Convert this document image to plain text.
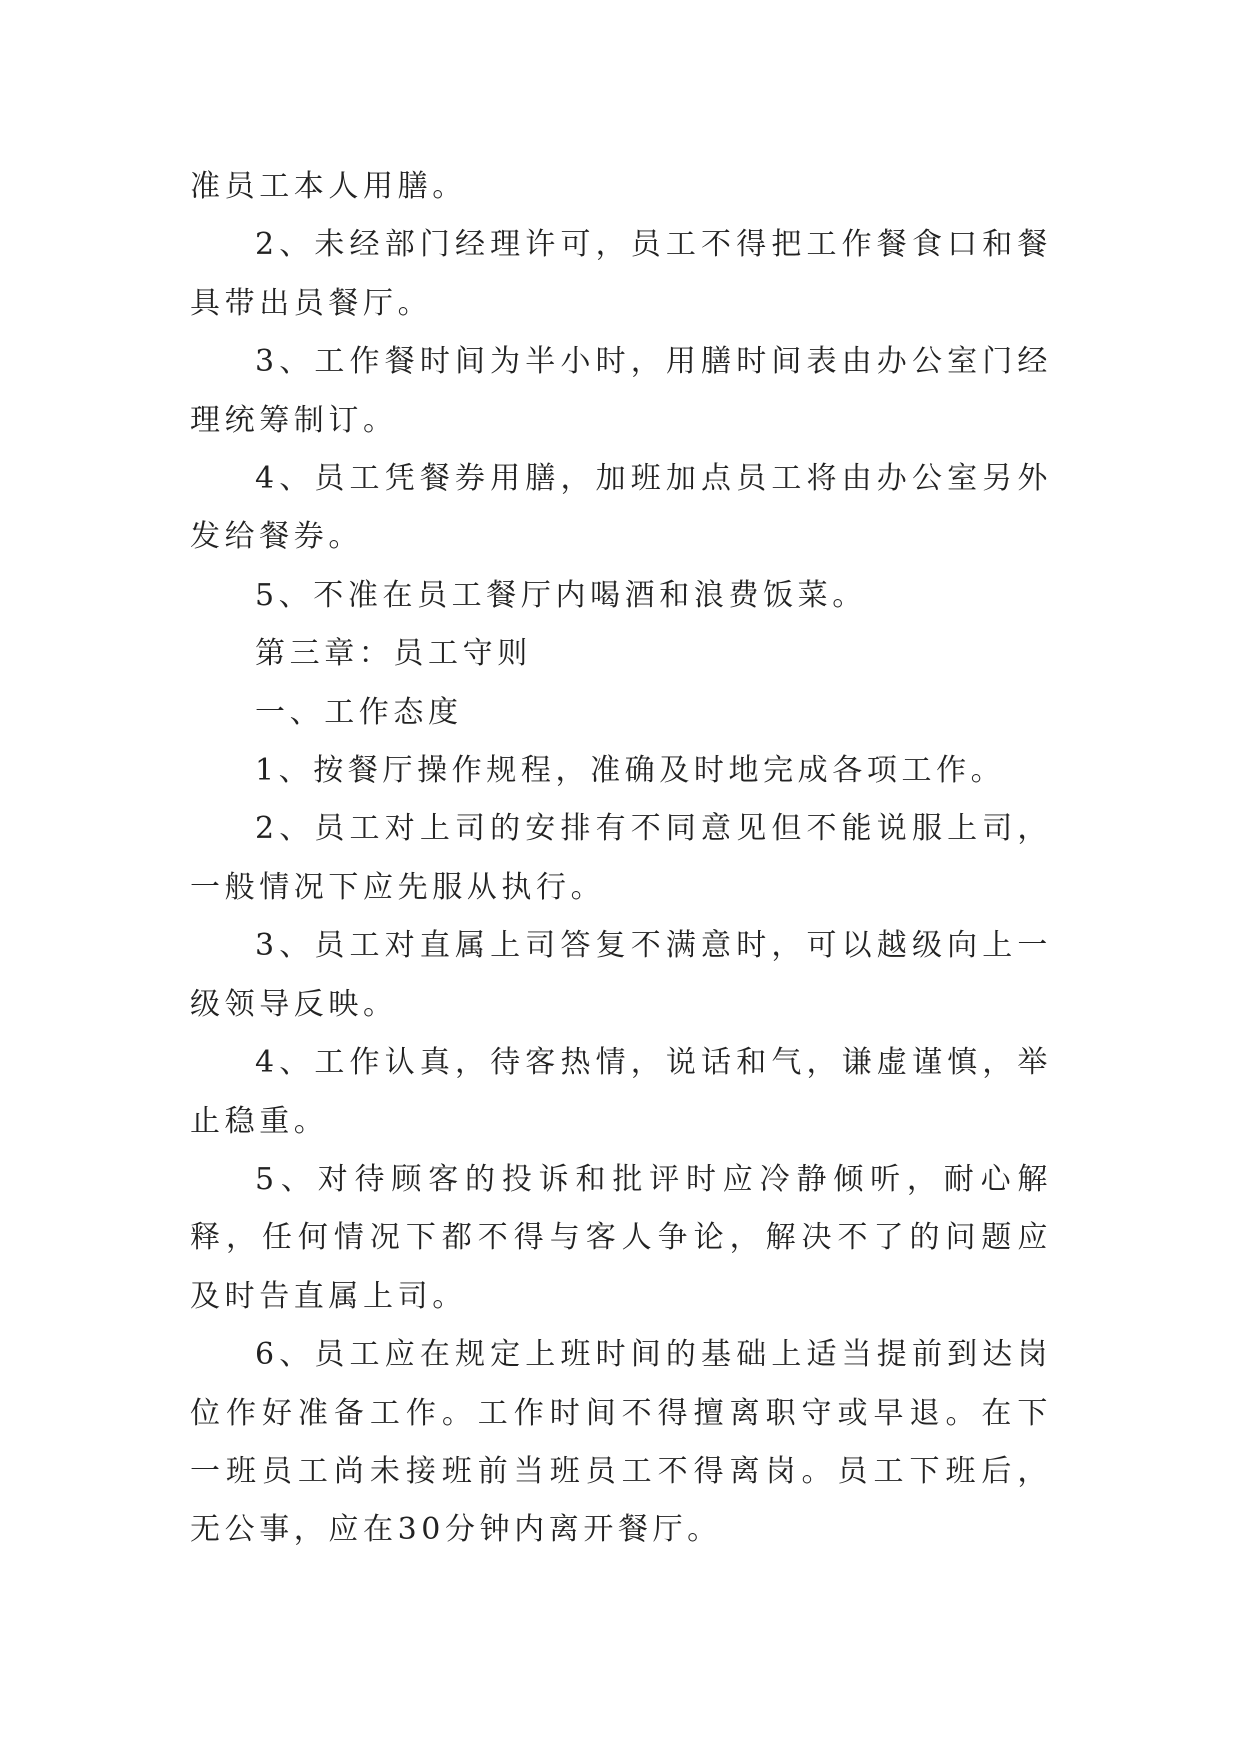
准员工本人用膳。

2、未经部门经理许可，员工不得把工作餐食口和餐具带出员餐厅。

3、工作餐时间为半小时，用膳时间表由办公室门经理统筹制订。

4、员工凭餐券用膳，加班加点员工将由办公室另外发给餐券。

5、不准在员工餐厅内喝酒和浪费饭菜。

第三章：员工守则

一、工作态度

1、按餐厅操作规程，准确及时地完成各项工作。

2、员工对上司的安排有不同意见但不能说服上司，一般情况下应先服从执行。

3、员工对直属上司答复不满意时，可以越级向上一级领导反映。

4、工作认真，待客热情，说话和气，谦虚谨慎，举止稳重。

5、对待顾客的投诉和批评时应冷静倾听，耐心解释，任何情况下都不得与客人争论，解决不了的问题应及时告直属上司。

6、员工应在规定上班时间的基础上适当提前到达岗位作好准备工作。工作时间不得擅离职守或早退。在下一班员工尚未接班前当班员工不得离岗。员工下班后，无公事，应在30分钟内离开餐厅。
